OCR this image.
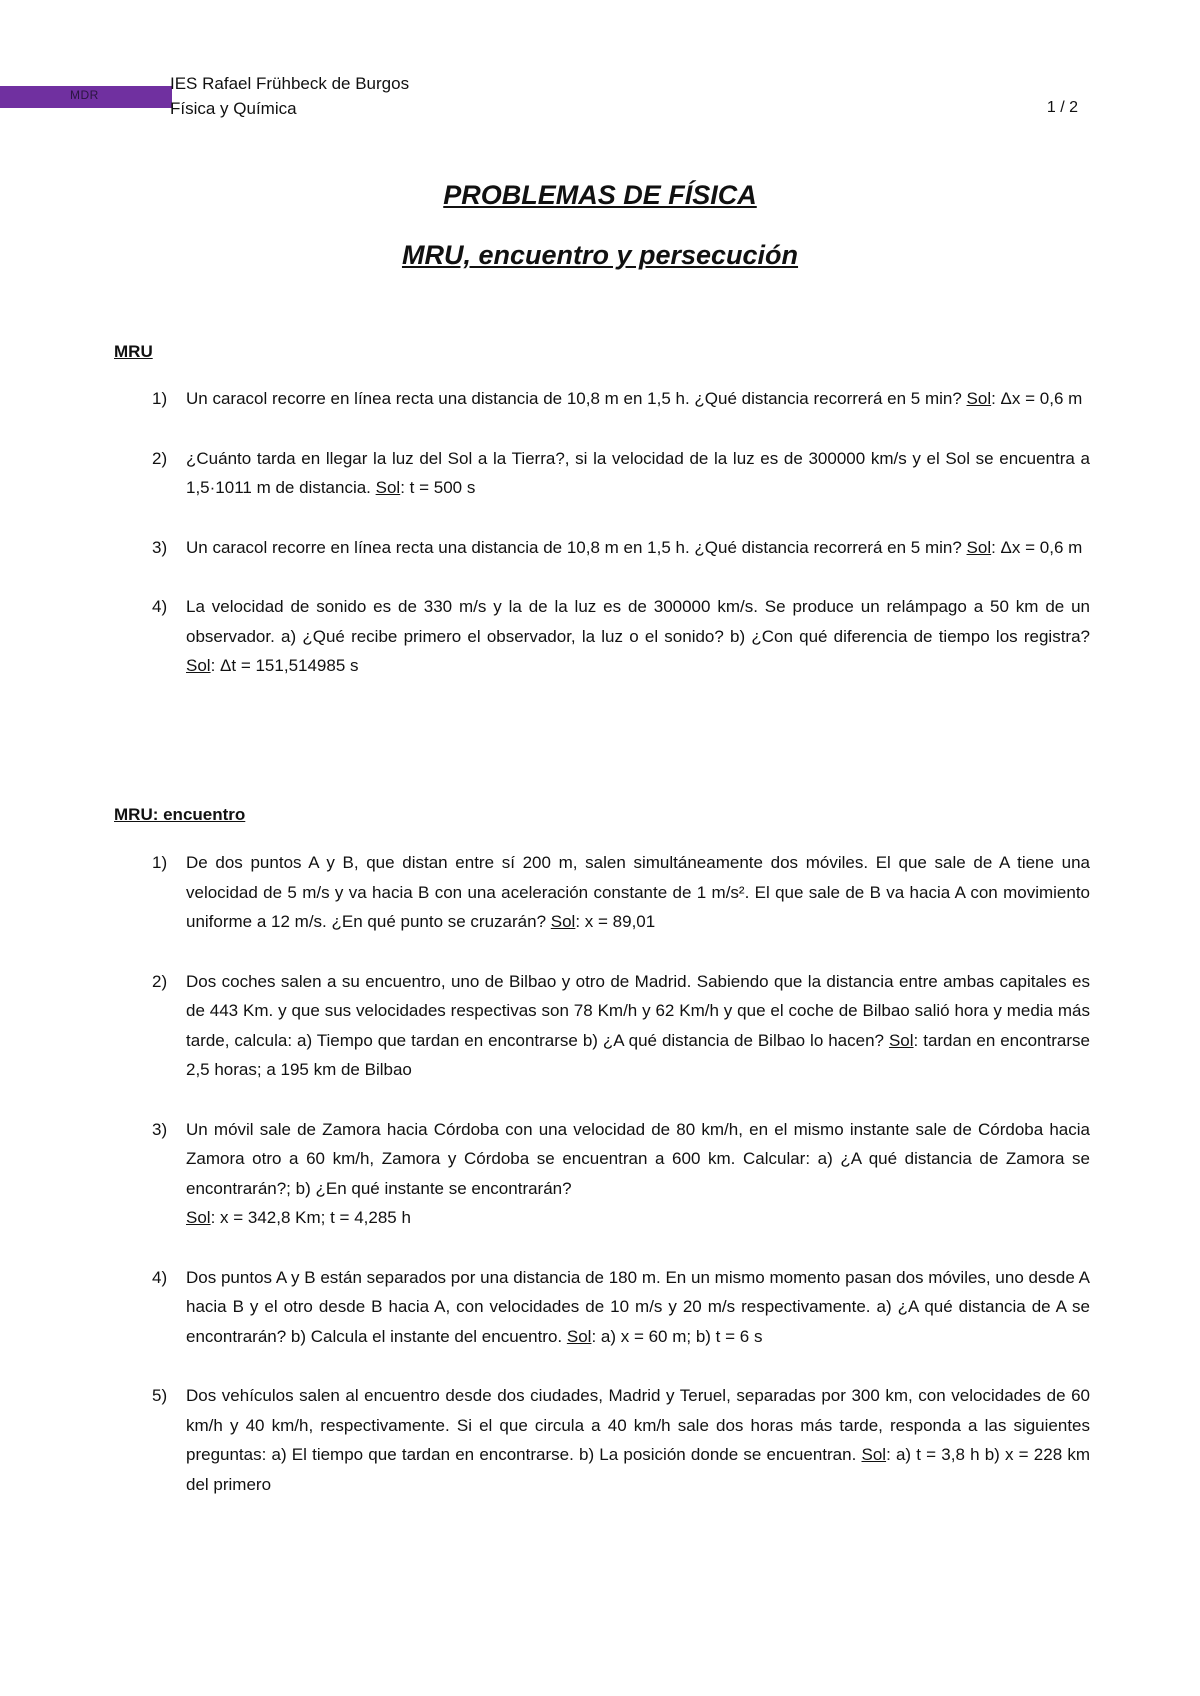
MDR
IES Rafael Frühbeck de Burgos
Física y Química	1 / 2
PROBLEMAS DE FÍSICA
MRU, encuentro y persecución
MRU
1) Un caracol recorre en línea recta una distancia de 10,8 m en 1,5 h. ¿Qué distancia recorrerá en 5 min? Sol: Δx = 0,6 m
2) ¿Cuánto tarda en llegar la luz del Sol a la Tierra?, si la velocidad de la luz es de 300000 km/s y el Sol se encuentra a 1,5·1011 m de distancia. Sol: t = 500 s
3) Un caracol recorre en línea recta una distancia de 10,8 m en 1,5 h. ¿Qué distancia recorrerá en 5 min? Sol: Δx = 0,6 m
4) La velocidad de sonido es de 330 m/s y la de la luz es de 300000 km/s. Se produce un relámpago a 50 km de un observador. a) ¿Qué recibe primero el observador, la luz o el sonido? b) ¿Con qué diferencia de tiempo los registra? Sol: Δt = 151,514985 s
MRU: encuentro
1) De dos puntos A y B, que distan entre sí 200 m, salen simultáneamente dos móviles. El que sale de A tiene una velocidad de 5 m/s y va hacia B con una aceleración constante de 1 m/s². El que sale de B va hacia A con movimiento uniforme a 12 m/s. ¿En qué punto se cruzarán? Sol: x = 89,01
2) Dos coches salen a su encuentro, uno de Bilbao y otro de Madrid. Sabiendo que la distancia entre ambas capitales es de 443 Km. y que sus velocidades respectivas son 78 Km/h y 62 Km/h y que el coche de Bilbao salió hora y media más tarde, calcula: a) Tiempo que tardan en encontrarse b) ¿A qué distancia de Bilbao lo hacen? Sol: tardan en encontrarse 2,5 horas; a 195 km de Bilbao
3) Un móvil sale de Zamora hacia Córdoba con una velocidad de 80 km/h, en el mismo instante sale de Córdoba hacia Zamora otro a 60 km/h, Zamora y Córdoba se encuentran a 600 km. Calcular: a) ¿A qué distancia de Zamora se encontrarán?; b) ¿En qué instante se encontrarán?
Sol: x = 342,8 Km; t = 4,285 h
4) Dos puntos A y B están separados por una distancia de 180 m. En un mismo momento pasan dos móviles, uno desde A hacia B y el otro desde B hacia A, con velocidades de 10 m/s y 20 m/s respectivamente. a) ¿A qué distancia de A se encontrarán? b) Calcula el instante del encuentro. Sol: a) x = 60 m; b) t = 6 s
5) Dos vehículos salen al encuentro desde dos ciudades, Madrid y Teruel, separadas por 300 km, con velocidades de 60 km/h y 40 km/h, respectivamente. Si el que circula a 40 km/h sale dos horas más tarde, responda a las siguientes preguntas: a) El tiempo que tardan en encontrarse. b) La posición donde se encuentran. Sol: a) t = 3,8 h b) x = 228 km del primero
